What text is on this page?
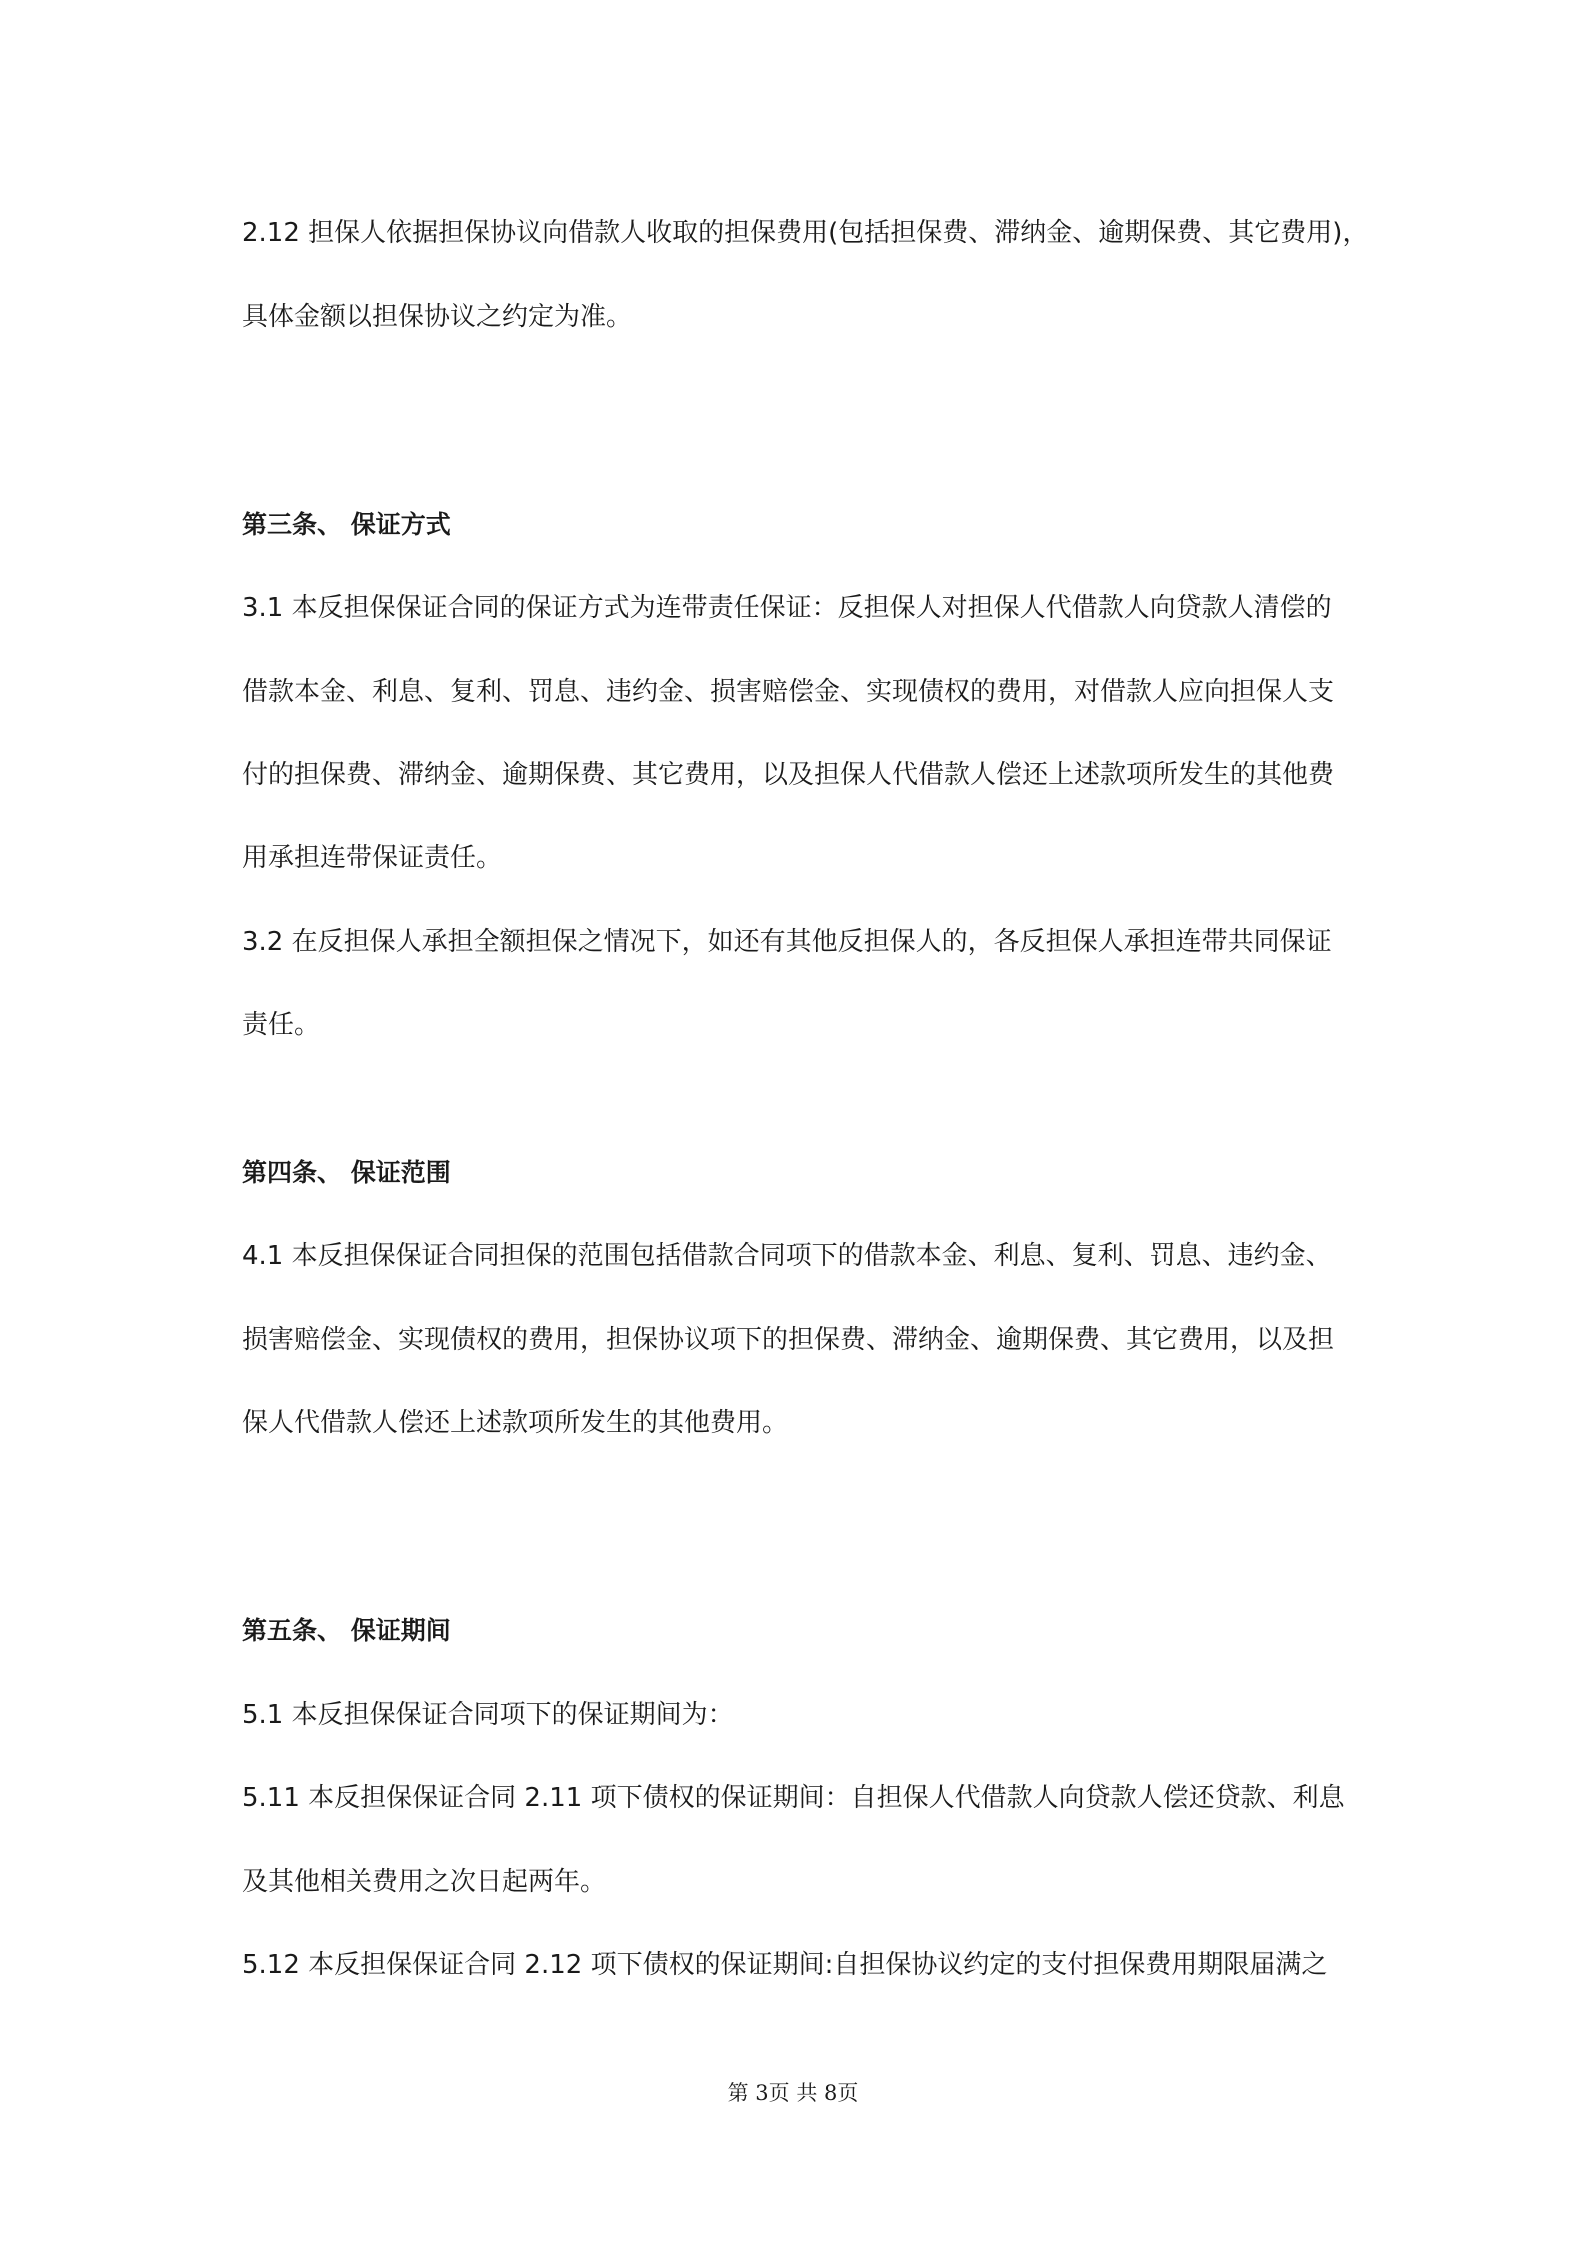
2.12 担保人依据担保协议向借款人收取的担保费用(包括担保费、滞纳金、逾期保费、其它费用)，
具体金额以担保协议之约定为准。
第三条、 保证方式
3.1 本反担保保证合同的保证方式为连带责任保证：反担保人对担保人代借款人向贷款人清偿的
借款本金、利息、复利、罚息、违约金、损害赔偿金、实现债权的费用，对借款人应向担保人支
付的担保费、滞纳金、逾期保费、其它费用，以及担保人代借款人偿还上述款项所发生的其他费
用承担连带保证责任。
3.2 在反担保人承担全额担保之情况下，如还有其他反担保人的，各反担保人承担连带共同保证
责任。
第四条、 保证范围
4.1 本反担保保证合同担保的范围包括借款合同项下的借款本金、利息、复利、罚息、违约金、
损害赔偿金、实现债权的费用，担保协议项下的担保费、滞纳金、逾期保费、其它费用，以及担
保人代借款人偿还上述款项所发生的其他费用。
第五条、 保证期间
5.1 本反担保保证合同项下的保证期间为：
5.11 本反担保保证合同 2.11 项下债权的保证期间：自担保人代借款人向贷款人偿还贷款、利息
及其他相关费用之次日起两年。
5.12 本反担保保证合同 2.12 项下债权的保证期间:自担保协议约定的支付担保费用期限届满之
第 3页 共 8页
